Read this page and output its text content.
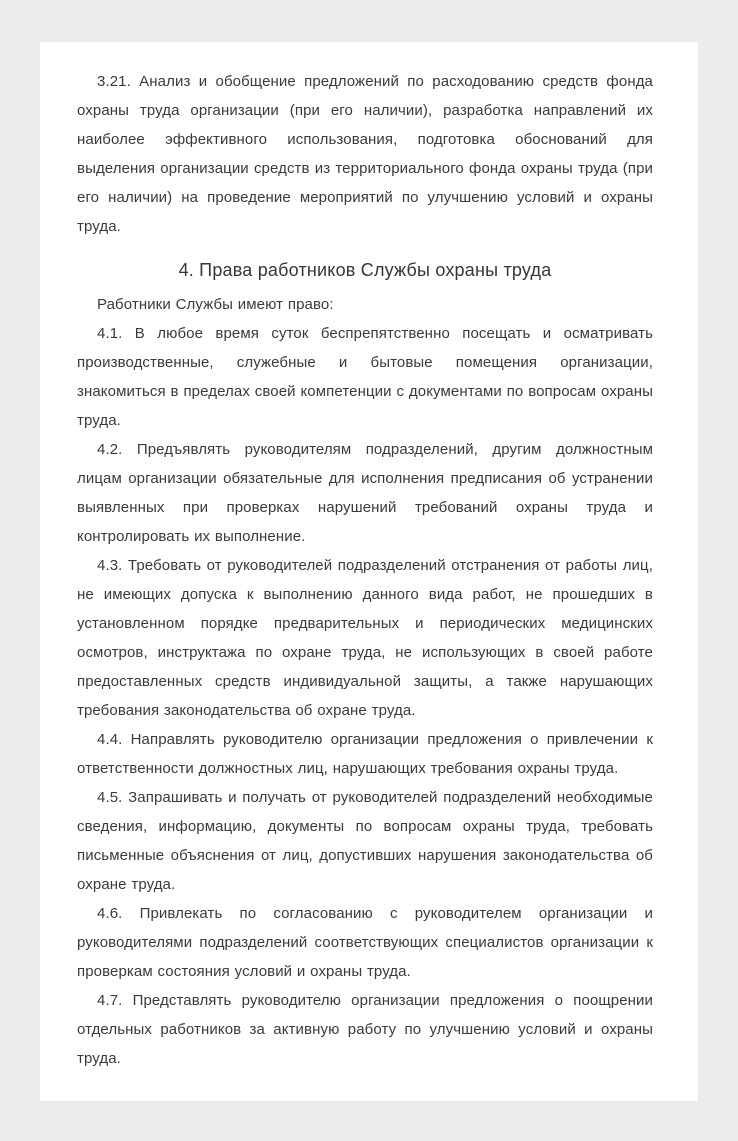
3.21. Анализ и обобщение предложений по расходованию средств фонда охраны труда организации (при его наличии), разработка направлений их наиболее эффективного использования, подготовка обоснований для выделения организации средств из территориального фонда охраны труда (при его наличии) на проведение мероприятий по улучшению условий и охраны труда.

4. Права работников Службы охраны труда

Работники Службы имеют право:

4.1. В любое время суток беспрепятственно посещать и осматривать производственные, служебные и бытовые помещения организации, знакомиться в пределах своей компетенции с документами по вопросам охраны труда.

4.2. Предъявлять руководителям подразделений, другим должностным лицам организации обязательные для исполнения предписания об устранении выявленных при проверках нарушений требований охраны труда и контролировать их выполнение.

4.3. Требовать от руководителей подразделений отстранения от работы лиц, не имеющих допуска к выполнению данного вида работ, не прошедших в установленном порядке предварительных и периодических медицинских осмотров, инструктажа по охране труда, не использующих в своей работе предоставленных средств индивидуальной защиты, а также нарушающих требования законодательства об охране труда.

4.4. Направлять руководителю организации предложения о привлечении к ответственности должностных лиц, нарушающих требования охраны труда.

4.5. Запрашивать и получать от руководителей подразделений необходимые сведения, информацию, документы по вопросам охраны труда, требовать письменные объяснения от лиц, допустивших нарушения законодательства об охране труда.

4.6. Привлекать по согласованию с руководителем организации и руководителями подразделений соответствующих специалистов организации к проверкам состояния условий и охраны труда.

4.7. Представлять руководителю организации предложения о поощрении отдельных работников за активную работу по улучшению условий и охраны труда.
